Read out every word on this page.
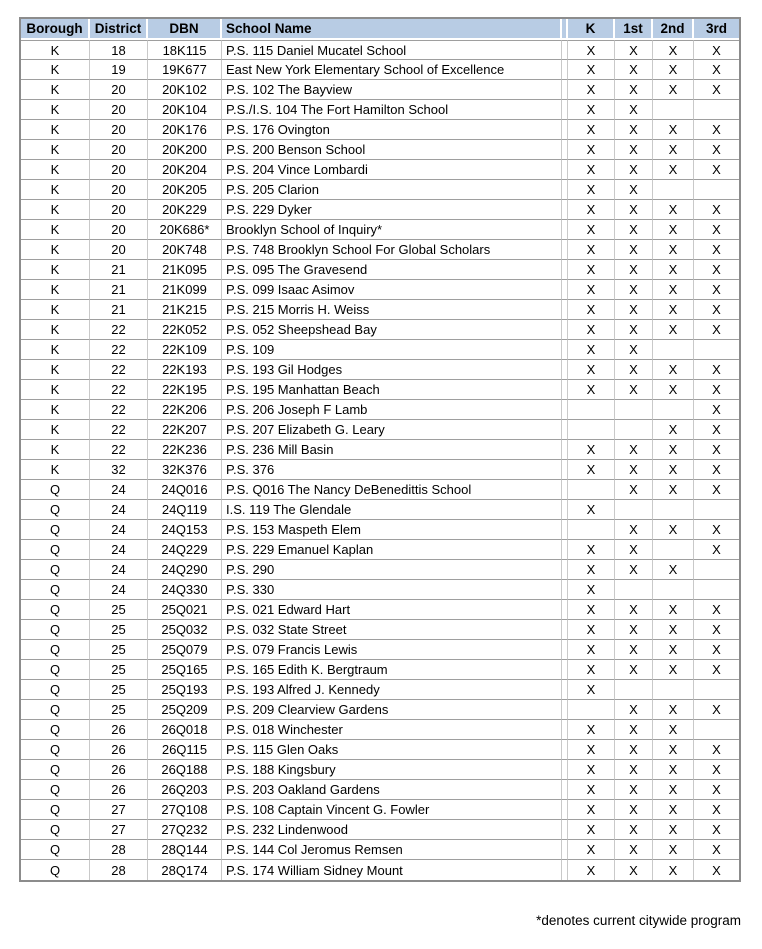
Borough	District	DBN	School Name		K	1st	2nd	3rd
K	18	18K115	P.S. 115 Daniel Mucatel School		X	X	X	X
K	19	19K677	East New York Elementary School of Excellence		X	X	X	X
K	20	20K102	P.S. 102 The Bayview		X	X	X	X
K	20	20K104	P.S./I.S. 104 The Fort Hamilton School		X	X		
K	20	20K176	P.S. 176 Ovington		X	X	X	X
K	20	20K200	P.S. 200 Benson School		X	X	X	X
K	20	20K204	P.S. 204 Vince Lombardi		X	X	X	X
K	20	20K205	P.S. 205 Clarion		X	X		
K	20	20K229	P.S. 229 Dyker		X	X	X	X
K	20	20K686*	Brooklyn School of Inquiry*		X	X	X	X
K	20	20K748	P.S. 748 Brooklyn School For Global Scholars		X	X	X	X
K	21	21K095	P.S. 095 The Gravesend		X	X	X	X
K	21	21K099	P.S. 099 Isaac Asimov		X	X	X	X
K	21	21K215	P.S. 215 Morris H. Weiss		X	X	X	X
K	22	22K052	P.S. 052 Sheepshead Bay		X	X	X	X
K	22	22K109	P.S. 109		X	X		
K	22	22K193	P.S. 193 Gil Hodges		X	X	X	X
K	22	22K195	P.S. 195 Manhattan Beach		X	X	X	X
K	22	22K206	P.S. 206 Joseph F Lamb					X
K	22	22K207	P.S. 207 Elizabeth G. Leary				X	X
K	22	22K236	P.S. 236 Mill Basin		X	X	X	X
K	32	32K376	P.S. 376		X	X	X	X
Q	24	24Q016	P.S. Q016 The Nancy DeBenedittis School			X	X	X
Q	24	24Q119	I.S. 119 The Glendale		X			
Q	24	24Q153	P.S. 153 Maspeth Elem			X	X	X
Q	24	24Q229	P.S. 229 Emanuel Kaplan		X	X		X
Q	24	24Q290	P.S. 290		X	X	X	
Q	24	24Q330	P.S. 330		X			
Q	25	25Q021	P.S. 021 Edward Hart		X	X	X	X
Q	25	25Q032	P.S. 032 State Street		X	X	X	X
Q	25	25Q079	P.S. 079 Francis Lewis		X	X	X	X
Q	25	25Q165	P.S. 165 Edith K. Bergtraum		X	X	X	X
Q	25	25Q193	P.S. 193 Alfred J. Kennedy		X			
Q	25	25Q209	P.S. 209 Clearview Gardens			X	X	X
Q	26	26Q018	P.S. 018 Winchester		X	X	X	
Q	26	26Q115	P.S. 115 Glen Oaks		X	X	X	X
Q	26	26Q188	P.S. 188 Kingsbury		X	X	X	X
Q	26	26Q203	P.S. 203 Oakland Gardens		X	X	X	X
Q	27	27Q108	P.S. 108 Captain Vincent G. Fowler		X	X	X	X
Q	27	27Q232	P.S. 232 Lindenwood		X	X	X	X
Q	28	28Q144	P.S. 144 Col Jeromus Remsen		X	X	X	X
Q	28	28Q174	P.S. 174 William Sidney Mount		X	X	X	X
*denotes current citywide program
